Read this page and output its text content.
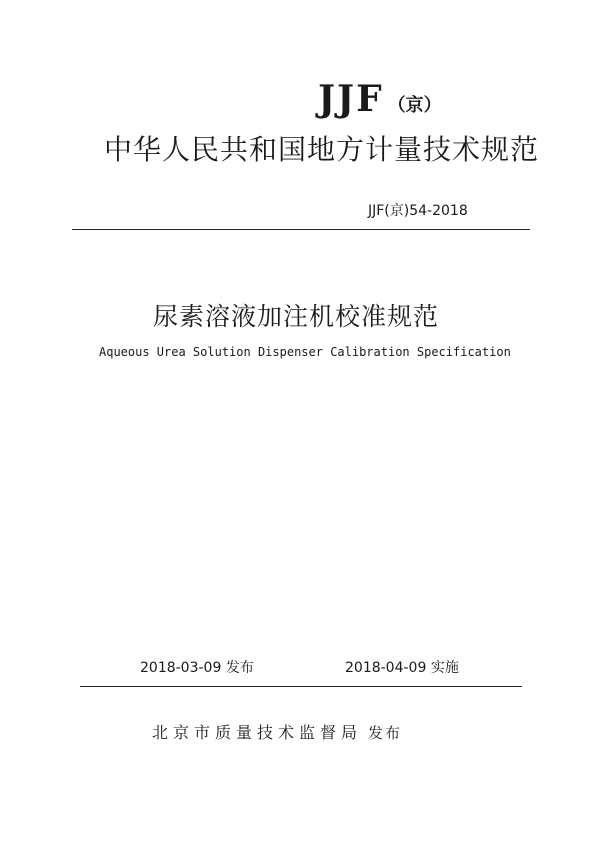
JJF （京）
中华人民共和国地方计量技术规范
JJF(京)54-2018
尿素溶液加注机校准规范
Aqueous Urea Solution Dispenser Calibration Specification
2018-03-09 发布	2018-04-09 实施
北京市质量技术监督局 发布
